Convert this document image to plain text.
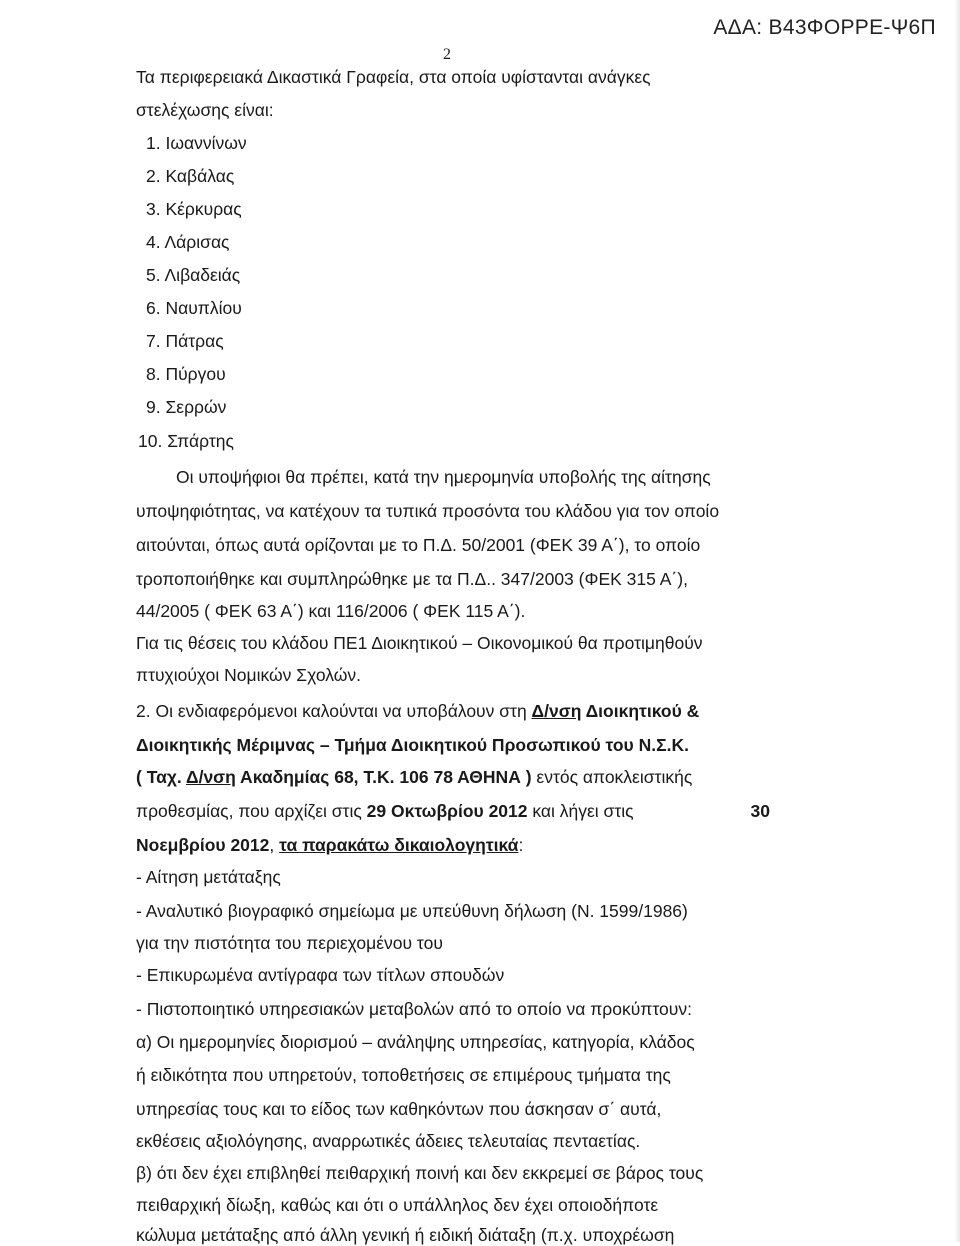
ΑΔΑ: Β43ΦΟΡΡΕ-Ψ6Π
2
Τα περιφερειακά Δικαστικά Γραφεία, στα οποία υφίστανται ανάγκες
στελέχωσης είναι:
1. Ιωαννίνων
2. Καβάλας
3. Κέρκυρας
4. Λάρισας
5. Λιβαδειάς
6. Ναυπλίου
7. Πάτρας
8. Πύργου
9. Σερρών
10. Σπάρτης
Οι υποψήφιοι θα πρέπει, κατά την ημερομηνία υποβολής της αίτησης
υποψηφιότητας, να κατέχουν τα τυπικά προσόντα του κλάδου για τον οποίο
αιτούνται, όπως αυτά ορίζονται με το Π.Δ. 50/2001 (ΦΕΚ 39 Α΄), το οποίο
τροποποιήθηκε και συμπληρώθηκε με τα Π.Δ.. 347/2003 (ΦΕΚ 315 Α΄),
44/2005 ( ΦΕΚ 63 Α΄) και 116/2006 ( ΦΕΚ 115 Α΄).
Για τις θέσεις του κλάδου ΠΕ1 Διοικητικού – Οικονομικού θα προτιμηθούν
πτυχιούχοι Νομικών Σχολών.
2. Οι ενδιαφερόμενοι καλούνται να υποβάλουν στη Δ/νση Διοικητικού &
Διοικητικής Μέριμνας – Τμήμα Διοικητικού Προσωπικού του Ν.Σ.Κ.
( Ταχ. Δ/νση Ακαδημίας 68, Τ.Κ. 106 78 ΑΘΗΝΑ ) εντός αποκλειστικής
προθεσμίας, που αρχίζει στις 29 Οκτωβρίου 2012 και λήγει στις	30
Νοεμβρίου 2012, τα παρακάτω δικαιολογητικά:
- Αίτηση μετάταξης
- Αναλυτικό βιογραφικό σημείωμα με υπεύθυνη δήλωση (Ν. 1599/1986)
για την πιστότητα του περιεχομένου του
- Επικυρωμένα αντίγραφα των τίτλων σπουδών
- Πιστοποιητικό υπηρεσιακών μεταβολών από το οποίο να προκύπτουν:
α) Οι ημερομηνίες διορισμού – ανάληψης υπηρεσίας, κατηγορία, κλάδος
ή ειδικότητα που υπηρετούν, τοποθετήσεις σε επιμέρους τμήματα της
υπηρεσίας τους και το είδος των καθηκόντων που άσκησαν σ΄ αυτά,
εκθέσεις αξιολόγησης, αναρρωτικές άδειες τελευταίας πενταετίας.
β) ότι δεν έχει επιβληθεί πειθαρχική ποινή και δεν εκκρεμεί σε βάρος τους
πειθαρχική δίωξη, καθώς και ότι ο υπάλληλος δεν έχει οποιοδήποτε
κώλυμα μετάταξης από άλλη γενική ή ειδική διάταξη (π.χ. υποχρέωση
